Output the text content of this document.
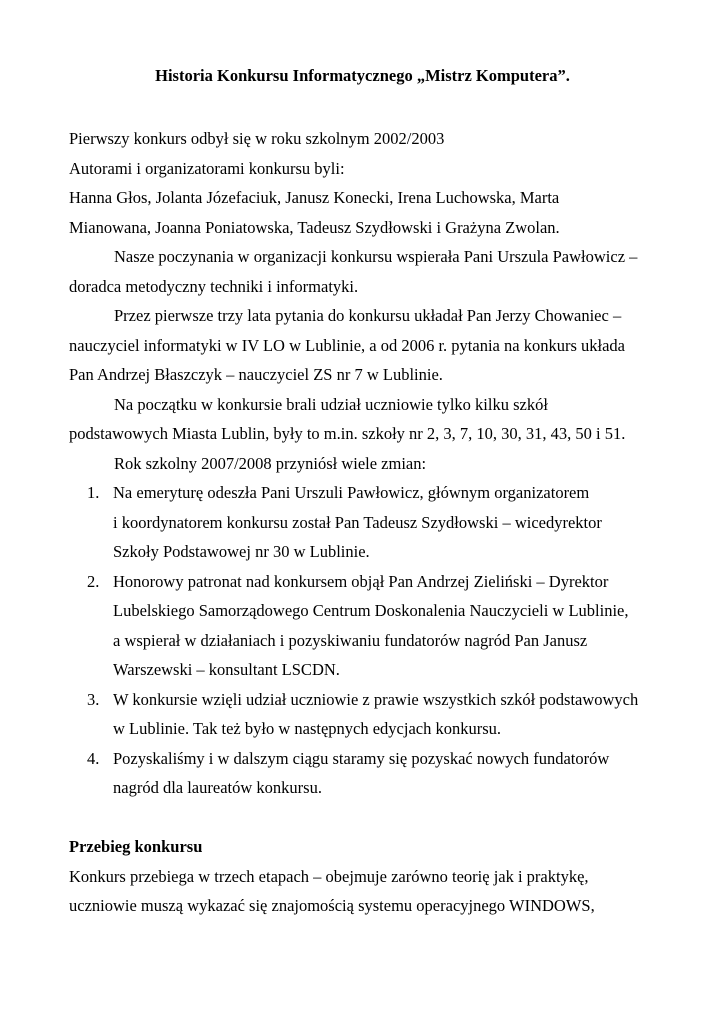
Historia Konkursu Informatycznego „Mistrz Komputera”.
Pierwszy konkurs odbył się w roku szkolnym 2002/2003
Autorami i organizatorami konkursu byli:
Hanna Głos, Jolanta Józefaciuk, Janusz Konecki, Irena Luchowska, Marta
Mianowana, Joanna Poniatowska, Tadeusz Szydłowski i Grażyna Zwolan.
Nasze poczynania w organizacji konkursu wspierała Pani Urszula Pawłowicz –
doradca metodyczny techniki i informatyki.
Przez pierwsze trzy lata pytania do konkursu układał Pan Jerzy Chowaniec –
nauczyciel informatyki w IV LO w Lublinie, a od 2006 r. pytania na konkurs układa
Pan Andrzej Błaszczyk – nauczyciel ZS nr 7 w Lublinie.
Na początku w konkursie brali udział uczniowie tylko kilku szkół
podstawowych Miasta Lublin, były to m.in. szkoły nr 2, 3, 7, 10, 30, 31, 43, 50 i 51.
Rok szkolny 2007/2008 przyniósł wiele zmian:
1. Na emeryturę odeszła Pani Urszuli Pawłowicz, głównym organizatorem
i koordynatorem konkursu został Pan Tadeusz Szydłowski – wicedyrektor
Szkoły Podstawowej nr 30 w Lublinie.
2. Honorowy patronat nad konkursem objął Pan Andrzej Zieliński – Dyrektor
Lubelskiego Samorządowego Centrum Doskonalenia Nauczycieli w Lublinie,
a wspierał w działaniach i pozyskiwaniu fundatorów nagród Pan Janusz
Warszewski – konsultant LSCDN.
3. W konkursie wzięli udział uczniowie z prawie wszystkich szkół podstawowych
w Lublinie. Tak też było w następnych edycjach konkursu.
4. Pozyskaliśmy i w dalszym ciągu staramy się pozyskać nowych fundatorów
nagród dla laureatów konkursu.
Przebieg konkursu
Konkurs przebiega w trzech etapach – obejmuje zarówno teorię jak i praktykę,
uczniowie muszą wykazać się znajomością systemu operacyjnego WINDOWS,
